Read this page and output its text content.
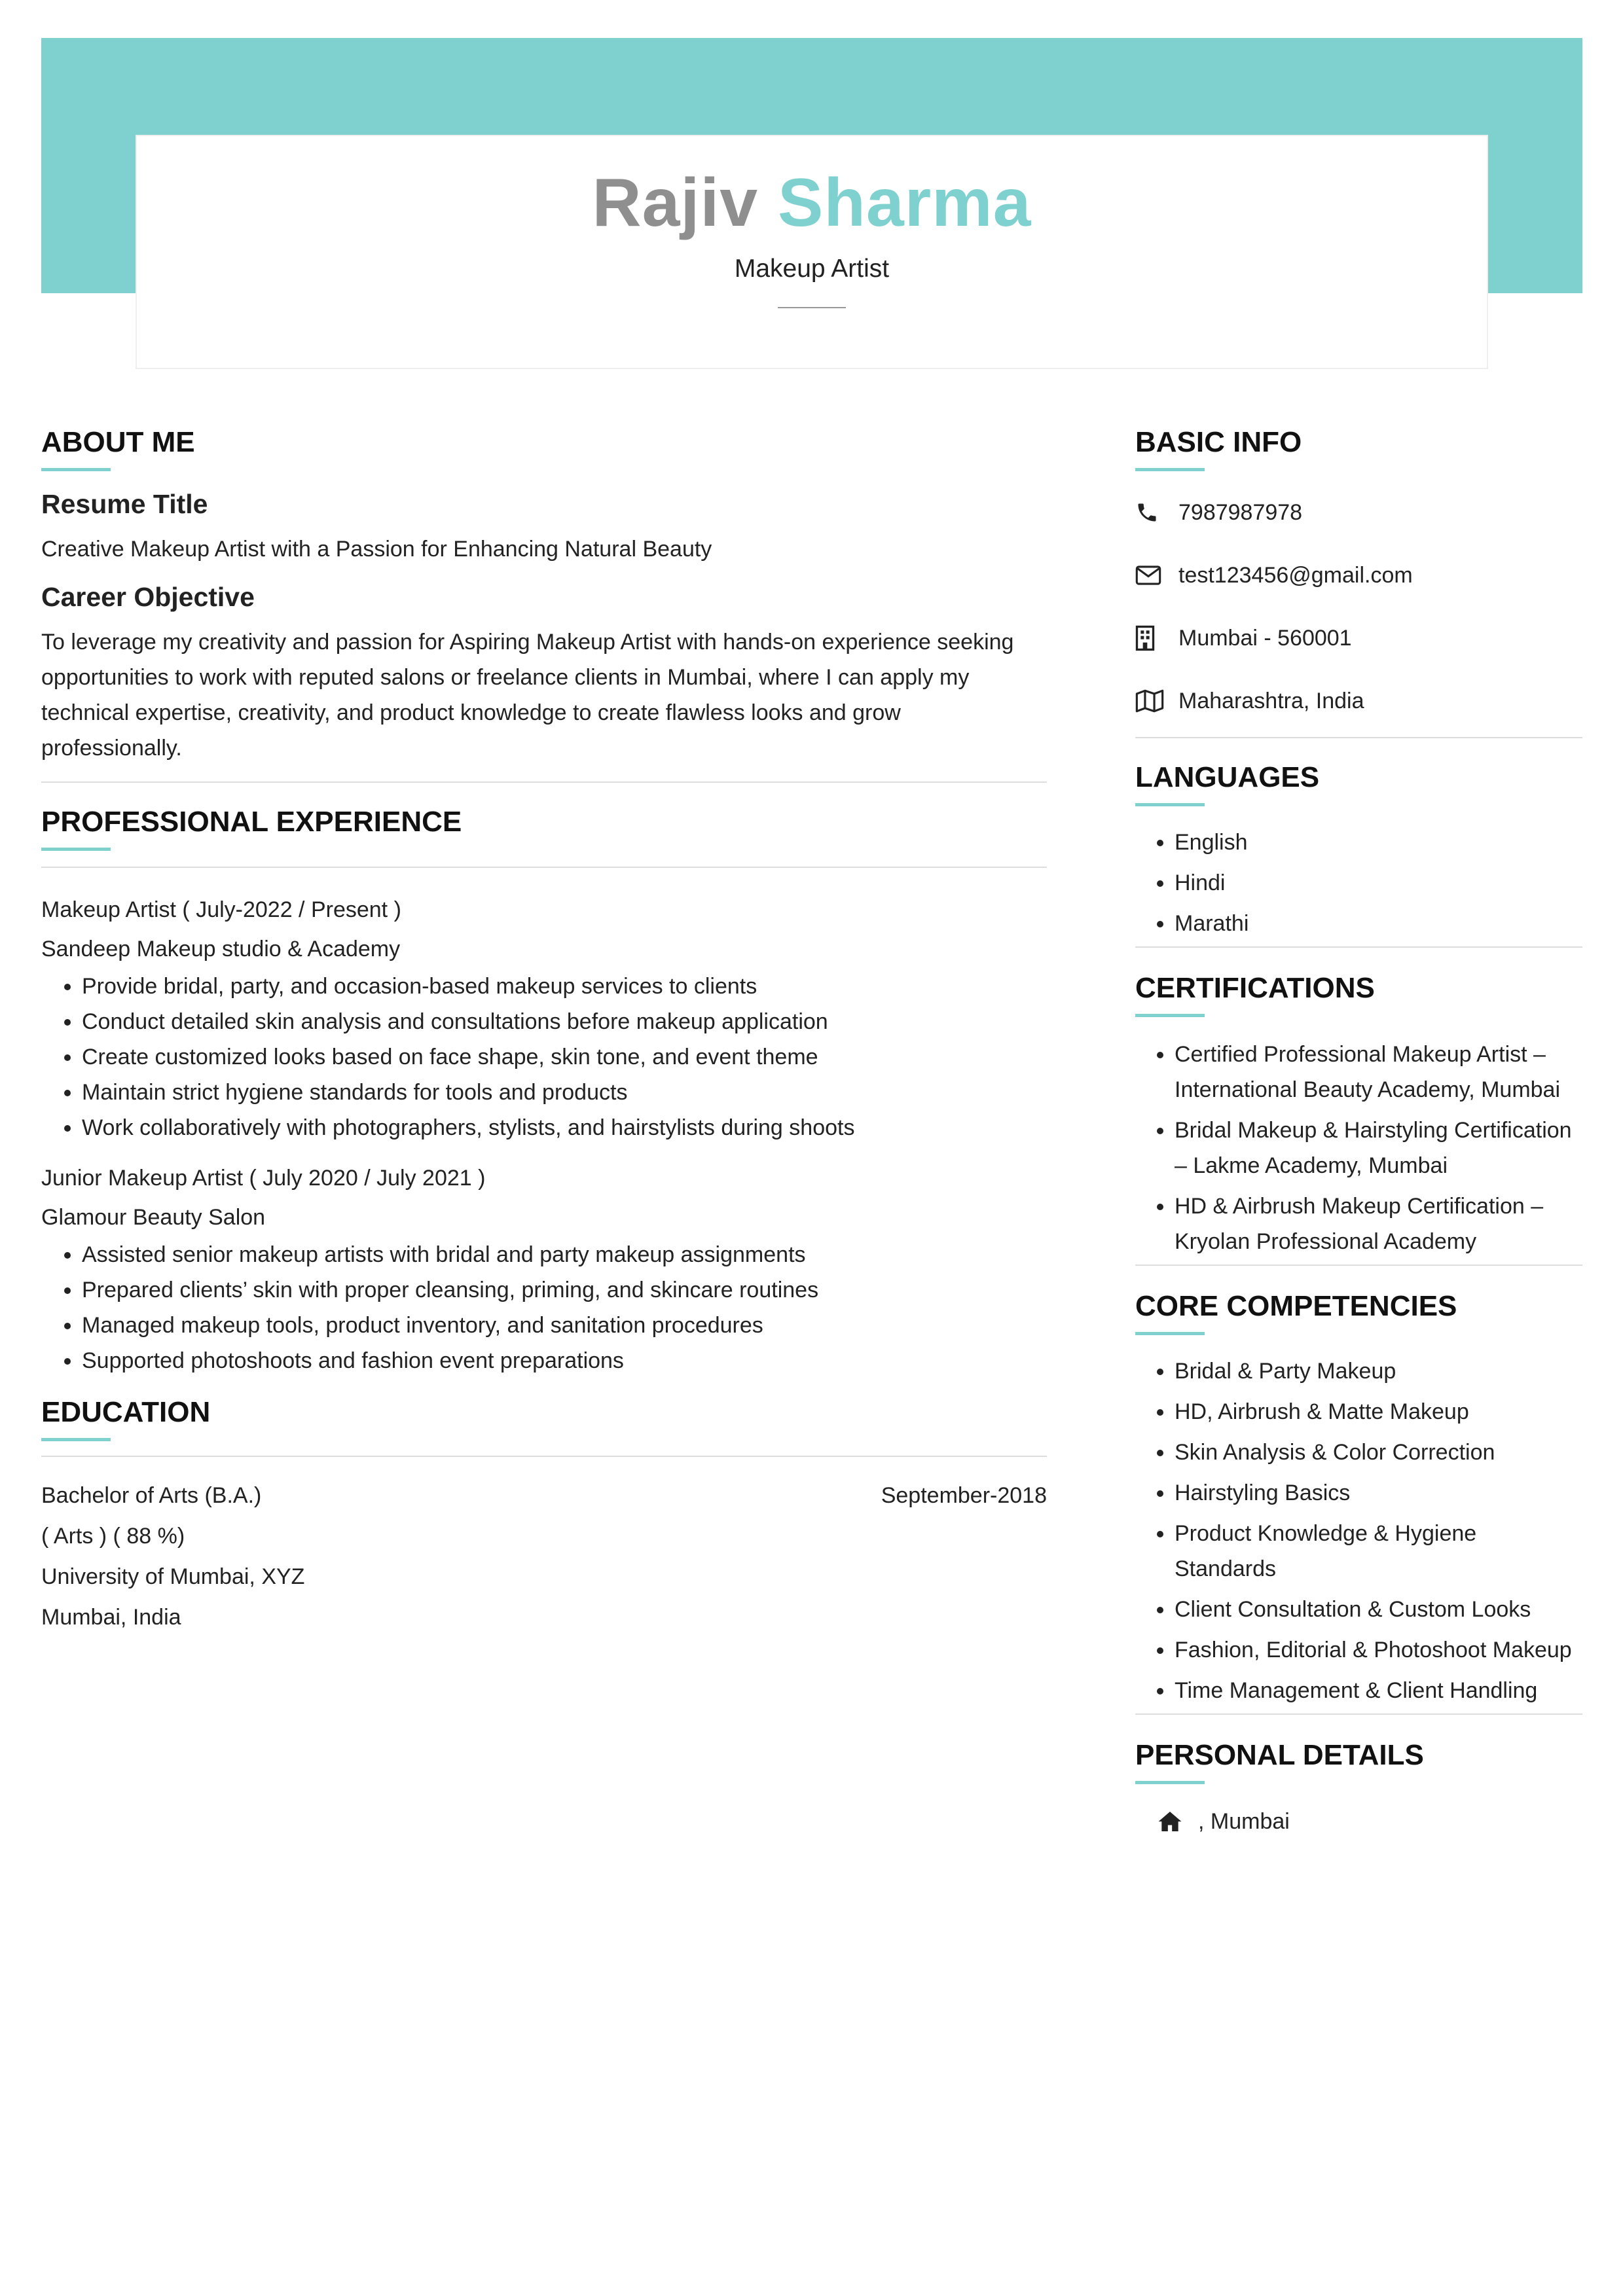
Rajiv Sharma
Makeup Artist
ABOUT ME
Resume Title

Creative Makeup Artist with a Passion for Enhancing Natural Beauty

Career Objective

To leverage my creativity and passion for Aspiring Makeup Artist with hands-on experience seeking opportunities to work with reputed salons or freelance clients in Mumbai, where I can apply my technical expertise, creativity, and product knowledge to create flawless looks and grow professionally.

PROFESSIONAL EXPERIENCE
Makeup Artist ( July-2022 / Present )
Sandeep Makeup studio & Academy
• Provide bridal, party, and occasion-based makeup services to clients
• Conduct detailed skin analysis and consultations before makeup application
• Create customized looks based on face shape, skin tone, and event theme
• Maintain strict hygiene standards for tools and products
• Work collaboratively with photographers, stylists, and hairstylists during shoots
Junior Makeup Artist ( July 2020 / July 2021 )
Glamour Beauty Salon
• Assisted senior makeup artists with bridal and party makeup assignments
• Prepared clients’ skin with proper cleansing, priming, and skincare routines
• Managed makeup tools, product inventory, and sanitation procedures
• Supported photoshoots and fashion event preparations
EDUCATION
Bachelor of Arts (B.A.)	September-2018
( Arts ) ( 88 %)
University of Mumbai, XYZ
Mumbai, India
BASIC INFO
7987987978
test123456@gmail.com
Mumbai - 560001
Maharashtra, India
LANGUAGES
• English
• Hindi
• Marathi
CERTIFICATIONS
• Certified Professional Makeup Artist – International Beauty Academy, Mumbai
• Bridal Makeup & Hairstyling Certification – Lakme Academy, Mumbai
• HD & Airbrush Makeup Certification – Kryolan Professional Academy
CORE COMPETENCIES
• Bridal & Party Makeup
• HD, Airbrush & Matte Makeup
• Skin Analysis & Color Correction
• Hairstyling Basics
• Product Knowledge & Hygiene Standards
• Client Consultation & Custom Looks
• Fashion, Editorial & Photoshoot Makeup
• Time Management & Client Handling
PERSONAL DETAILS
, Mumbai
